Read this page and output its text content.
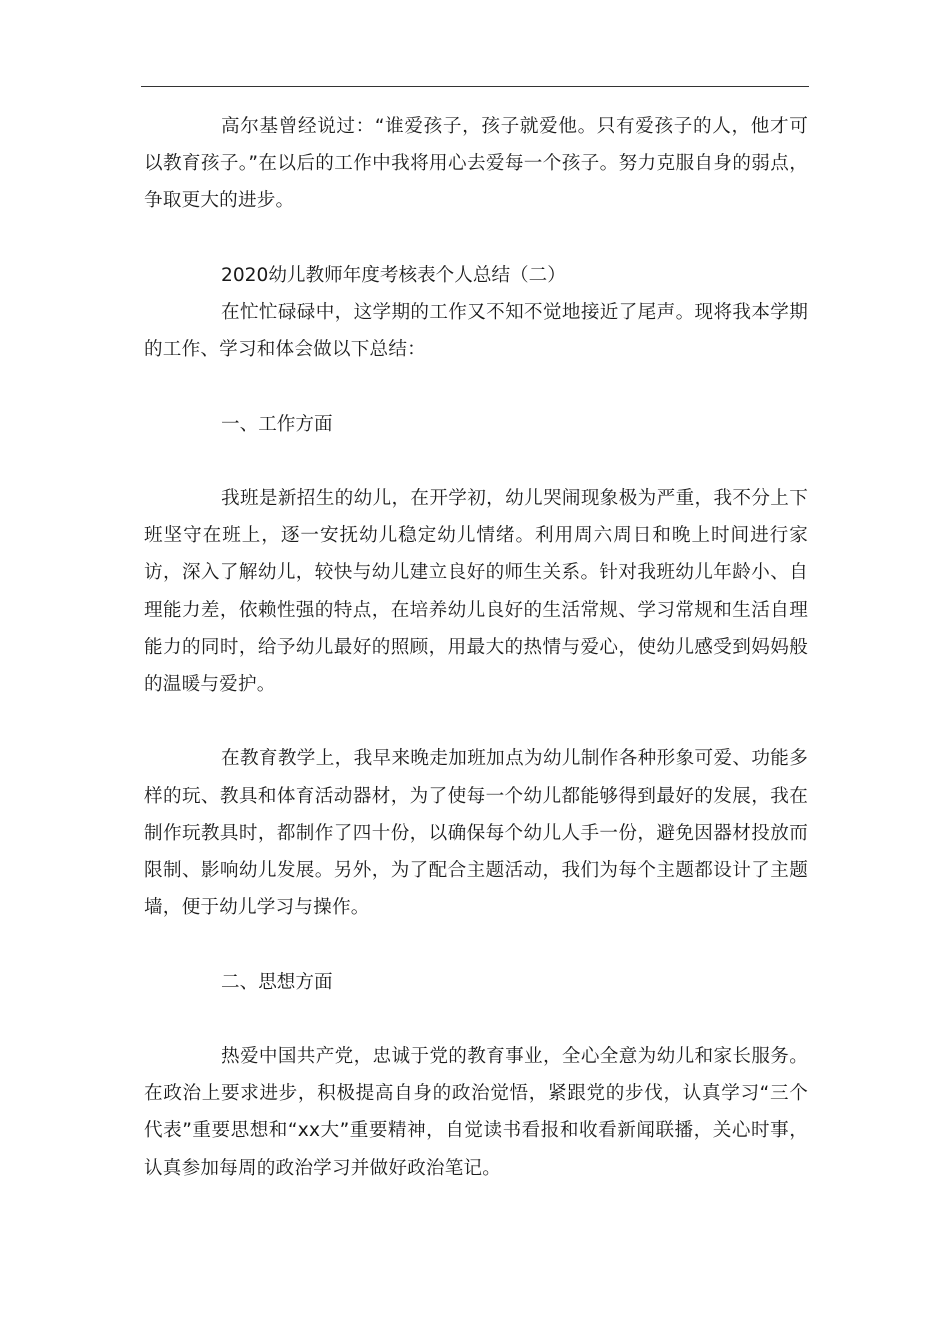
高尔基曾经说过：“谁爱孩子，孩子就爱他。只有爱孩子的人，他才可以教育孩子。”在以后的工作中我将用心去爱每一个孩子。努力克服自身的弱点，争取更大的进步。

2020幼儿教师年度考核表个人总结（二）

在忙忙碌碌中，这学期的工作又不知不觉地接近了尾声。现将我本学期的工作、学习和体会做以下总结：

一、工作方面

我班是新招生的幼儿，在开学初，幼儿哭闹现象极为严重，我不分上下班坚守在班上，逐一安抚幼儿稳定幼儿情绪。利用周六周日和晚上时间进行家访，深入了解幼儿，较快与幼儿建立良好的师生关系。针对我班幼儿年龄小、自理能力差，依赖性强的特点，在培养幼儿良好的生活常规、学习常规和生活自理能力的同时，给予幼儿最好的照顾，用最大的热情与爱心，使幼儿感受到妈妈般的温暖与爱护。

在教育教学上，我早来晚走加班加点为幼儿制作各种形象可爱、功能多样的玩、教具和体育活动器材，为了使每一个幼儿都能够得到最好的发展，我在制作玩教具时，都制作了四十份，以确保每个幼儿人手一份，避免因器材投放而限制、影响幼儿发展。另外，为了配合主题活动，我们为每个主题都设计了主题墙，便于幼儿学习与操作。

二、思想方面

热爱中国共产党，忠诚于党的教育事业，全心全意为幼儿和家长服务。在政治上要求进步，积极提高自身的政治觉悟，紧跟党的步伐，认真学习“三个代表”重要思想和“xx大”重要精神，自觉读书看报和收看新闻联播，关心时事，认真参加每周的政治学习并做好政治笔记。
